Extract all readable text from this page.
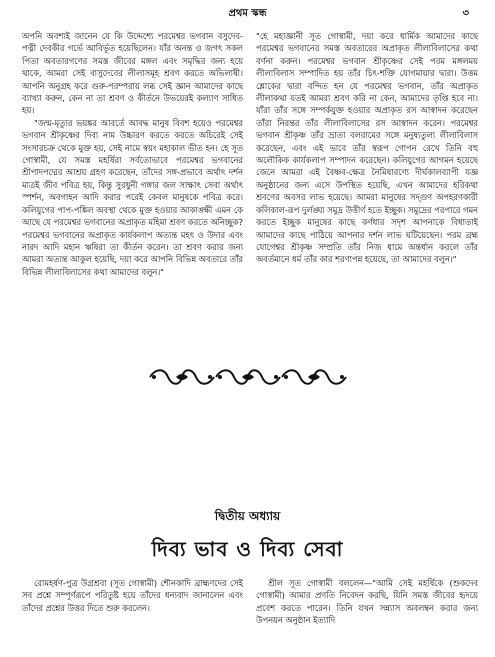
প্রথম স্কন্ধ	৩

অপনি অবশ্যই জানেন যে কি উদ্দেশ্যে পরমেশ্বর ভগবান বসুদেব-পত্নী দেবকীর গর্ভে আবির্ভূত হয়েছিলেন। যাঁর অনন্ত ও জগৎ সকল পিতা অবতারগণের সমস্ত জীবের মঙ্গল এবং সমৃদ্ধির জন্য হয়ে থাকে, আমরা সেই বাসুদেবের লীলাসমূহ শ্রবণ করতে অভিলাষী। আপনি অনুগ্রহ করে গুরু-পরম্পরায় লব্ধ সেই জ্ঞান আমাদের কাছে ব্যাখ্যা করুন, কেন না তা শ্রবণ ও কীর্তনে উভয়েরই কল্যাণ সাধিত হয়।

"জন্ম-মৃত্যুর ভয়ঙ্কর আবর্তে আবদ্ধ মানুষ বিবশ হয়েও পরমেশ্বর ভগবান শ্রীকৃষ্ণের দিব্য নাম উচ্চারণ করতে করতে অচিরেই সেই সংসারচক্র থেকে মুক্ত হয়, সেই নামে স্বয়ং মহাকাল ভীত হন। হে সূত গোস্বামী, যে সমস্ত মহর্ষিরা সর্বতোভাবে পরমেশ্বর ভগবানের শ্রীপাদপদ্মের আশ্রয় গ্রহণ করেছেন, তাঁদের সঙ্গ-প্রভাবে অর্থাৎ দর্শন মাত্রই জীব পবিত্র হয়, কিন্তু সুরধুনী গঙ্গার জল সাক্ষাৎ সেবা অর্থাৎ স্পর্শন, অবগাহন আদি করার পরেই কেবল মানুষকে পবিত্র করে। কলিযুগের পাপ-পঙ্কিল অবস্থা থেকে মুক্ত হওয়ার আকাঙ্ক্ষী এমন কে আছে যে পরমেশ্বর ভগবানের অপ্রাকৃত মহিমা শ্রবণ করতে অনিচ্ছুক? পরমেশ্বর ভগবানের অপ্রাকৃত কার্যকলাপ অত্যন্ত মহৎ ও উদার এবং নারদ আদি মহান ঋষিরা তা কীর্তন করেন। তা শ্রবণ করার জন্য আমরা অত্যন্ত আকুল হয়েছি, দয়া করে আপনি বিভিন্ন অবতারে তাঁর বিভিন্ন লীলাবিলাসের কথা আমাদের বলুন।"

"হে মহাজ্ঞানী সূত গোস্বামী, দয়া করে ধার্মিক আমাদের কাছে পরমেশ্বর ভগবানের সমস্ত অবতারের অপ্রাকৃত লীলাবিলাসের কথা বর্ণনা করুন। পরমেশ্বর ভগবান শ্রীকৃষ্ণের সেই পরম মঙ্গলময় লীলাবিলাস সম্পাদিত হয় তাঁর চিৎ-শক্তি যোগমায়ার দ্বারা। উত্তম শ্লোকের দ্বারা বন্দিত হন যে পরমেশ্বর ভগবান, তাঁর অপ্রাকৃত লীলাকথা যতই আমরা শ্রবণ করি না কেন, আমাদের তৃপ্তি হবে না। যাঁরা তাঁর সঙ্গে সম্পর্কযুক্ত হওয়ার অপ্রাকৃত রস আস্বাদন করেছেন তাঁরা নিরন্তর তাঁর লীলাবিলাসের রস আস্বাদন করেন। পরমেশ্বর ভগবান শ্রীকৃষ্ণ তাঁর ভ্রাতা বলরামের সঙ্গে মনুষ্যতুল্য লীলাবিলাস করেছেন, এবং এই ভাবে তাঁর স্বরূপ গোপন রেখে তিনি বহু অলৌকিক কার্যকলাপ সম্পাদন করেছেন। কলিযুগের আগমন হয়েছে জেনে আমরা এই বৈষ্ণব-ক্ষেত্র নৈমিষারণ্যে দীর্ঘকালব্যাপী যজ্ঞ অনুষ্ঠানের জন্য এসে উপস্থিত হয়েছি, এখন আমাদের হরিকথা শ্রবণের অবসর লাভ হয়েছে। আমরা মানুষের সদ্গুণ অপহরণকারী কলিকাল-রূপ দুর্লঙ্ঘ্য সমুদ্র উত্তীর্ণ হতে ইচ্ছুক। সমুদ্রের পরপারে গমন করতে ইচ্ছুক মানুষের কাছে কর্ণধার সদৃশ আপনাকে বিধাতাই আমাদের কাছে পাঠিয়ে আপনার দর্শন লাভ ঘটিয়েছেন। পরম ব্রহ্ম যোগেশ্বর শ্রীকৃষ্ণ সম্প্রতি তাঁর নিজ ধামে অন্তর্ধান করলে তাঁর অবর্তমানে ধর্ম তাঁর কার শরণাপন্ন হয়েছে, তা আমাদের বলুন।"

দ্বিতীয় অধ্যায়
দিব্য ভাব ও দিব্য সেবা

রোমহর্ষণ-পুত্র উগ্রশ্রবা (সূত গোস্বামী) শৌনকাদি ব্রাহ্মণদের সেই সব প্রশ্নে সম্পূর্ণরূপে পরিতুষ্ট হয়ে তাঁদের ধন্যবাদ জানালেন এবং তাঁদের প্রশ্নের উত্তর দিতে শুরু করলেন।

শ্রীল সূত গোস্বামী বললেন—"আমি সেই মহর্ষিকে (শুকদেব গোস্বামী) আমার প্রণতি নিবেদন করছি, যিনি সমস্ত জীবের হৃদয়ে প্রবেশ করতে পারেন। তিনি যখন সন্ন্যাস অবলম্বন করার জন্য উপনয়ন অনুষ্ঠান ইত্যাদি
